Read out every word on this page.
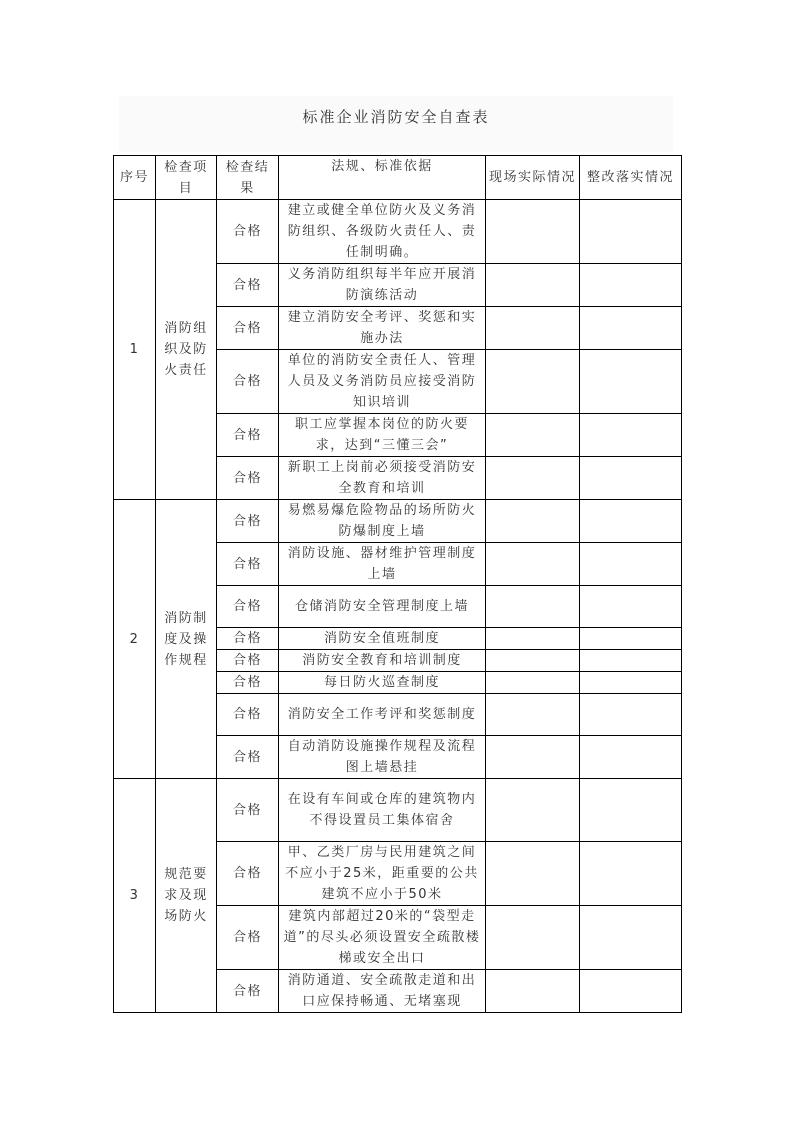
标准企业消防安全自查表
序号	检查项目	检查结果	法规、标准依据	现场实际情况	整改落实情况
1	消防组织及防火责任	合格	建立或健全单位防火及义务消防组织、各级防火责任人、责任制明确。		
		合格	义务消防组织每半年应开展消防演练活动		
		合格	建立消防安全考评、奖惩和实施办法		
		合格	单位的消防安全责任人、管理人员及义务消防员应接受消防知识培训		
		合格	职工应掌握本岗位的防火要求，达到“三懂三会”		
		合格	新职工上岗前必须接受消防安全教育和培训		
2	消防制度及操作规程	合格	易燃易爆危险物品的场所防火防爆制度上墙		
		合格	消防设施、器材维护管理制度上墙		
		合格	仓储消防安全管理制度上墙		
		合格	消防安全值班制度		
		合格	消防安全教育和培训制度		
		合格	每日防火巡查制度		
		合格	消防安全工作考评和奖惩制度		
		合格	自动消防设施操作规程及流程图上墙悬挂		
3	规范要求及现场防火	合格	在设有车间或仓库的建筑物内不得设置员工集体宿舍		
		合格	甲、乙类厂房与民用建筑之间不应小于25米，距重要的公共建筑不应小于50米		
		合格	建筑内部超过20米的“袋型走道”的尽头必须设置安全疏散楼梯或安全出口		
		合格	消防通道、安全疏散走道和出口应保持畅通、无堵塞现		
